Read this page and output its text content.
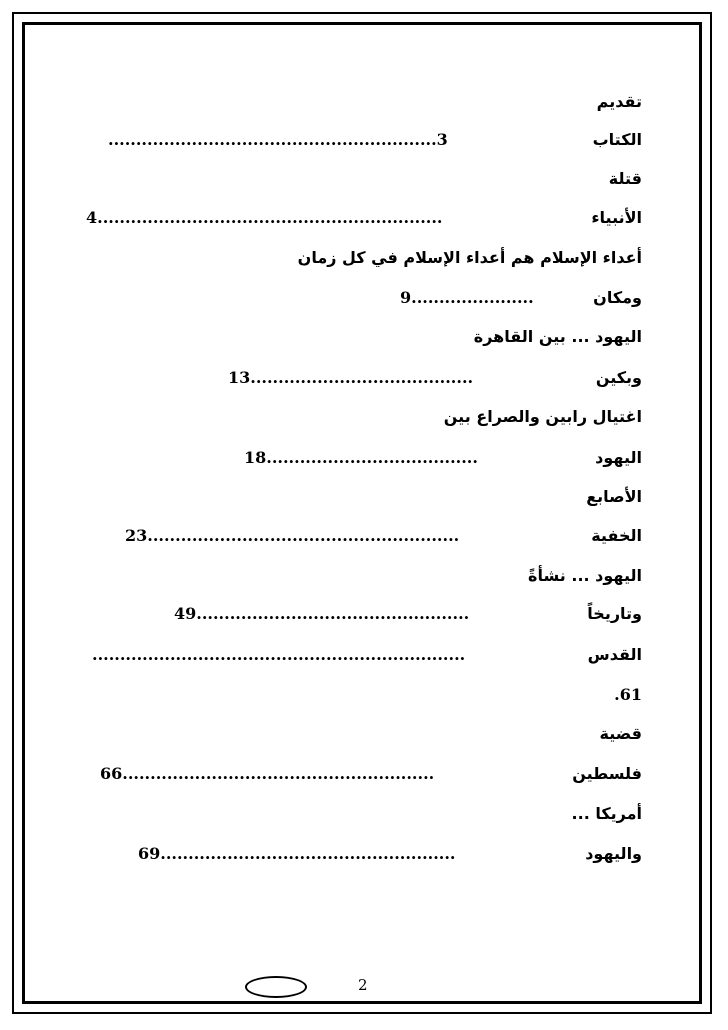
تقديم
الكتاب
...........................................................3
قتلة
الأنبياء
4..............................................................
أعداء الإسلام هم أعداء الإسلام في كل زمان
ومكان
9......................
اليهود ... بين القاهرة
وبكين
13........................................
اغتيال رابين والصراع بين
اليهود
18......................................
الأصابع
الخفية
23........................................................
اليهود ... نشأةً
وتاريخاً
49.................................................
القدس
...................................................................
61.
قضية
فلسطين
66........................................................
أمريكا ...
واليهود
69.....................................................
2
